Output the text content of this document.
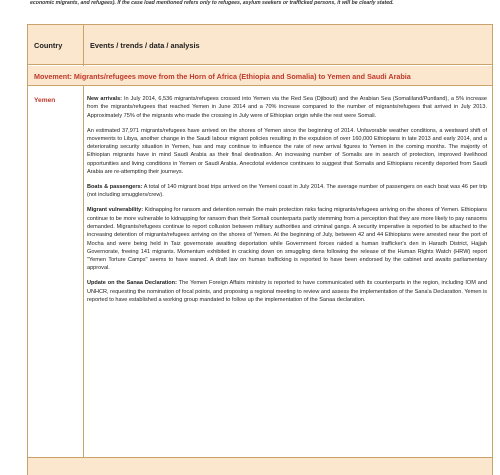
economic migrants, and refugees). If the case load mentioned refers only to refugees, asylum seekers or trafficked persons, it will be clearly stated.
Country	Events / trends / data / analysis
Movement: Migrants/refugees move from the Horn of Africa (Ethiopia and Somalia) to Yemen and Saudi Arabia
Yemen	New arrivals: In July 2014, 6,536 migrants/refugees crossed into Yemen via the Red Sea (Djibouti) and the Arabian Sea (Somaliland/Puntland), a 5% increase from the migrants/refugees that reached Yemen in June 2014 and a 70% increase compared to the number of migrants/refugees that arrived in July 2013. Approximately 75% of the migrants who made the crossing in July were of Ethiopian origin while the rest were Somali.

An estimated 37,971 migrants/refugees have arrived on the shores of Yemen since the beginning of 2014. Unfavorable weather conditions, a westward shift of movements to Libya, another change in the Saudi labour migrant policies resulting in the expulsion of over 160,000 Ethiopians in late 2013 and early 2014, and a deteriorating security situation in Yemen, has and may continue to influence the rate of new arrival figures to Yemen in the coming months. The majority of Ethiopian migrants have in mind Saudi Arabia as their final destination. An increasing number of Somalis are in search of protection, improved livelihood opportunities and living conditions in Yemen or Saudi Arabia. Anecdotal evidence continues to suggest that Somalis and Ethiopians recently deported from Saudi Arabia are re-attempting their journeys.

Boats & passengers: A total of 140 migrant boat trips arrived on the Yemeni coast in July 2014. The average number of passengers on each boat was 46 per trip (not including smugglers/crew).

Migrant vulnerability: Kidnapping for ransom and detention remain the main protection risks facing migrants/refugees arriving on the shores of Yemen. Ethiopians continue to be more vulnerable to kidnapping for ransom than their Somali counterparts partly stemming from a perception that they are more likely to pay ransoms demanded. Migrants/refugees continue to report collusion between military authorities and criminal gangs. A security imperative is reported to be attached to the increasing detention of migrants/refugees arriving on the shores of Yemen. At the beginning of July, between 42 and 44 Ethiopians were arrested near the port of Mocha and were being held in Taiz governorate awaiting deportation while Government forces raided a human trafficker's den in Haradh District, Hajjah Governorate, freeing 141 migrants. Momentum exhibited in cracking down on smuggling dens following the release of the Human Rights Watch (HRW) report "Yemen Torture Camps" seems to have waned. A draft law on human trafficking is reported to have been endorsed by the cabinet and awaits parliamentary approval.

Update on the Sanaa Declaration: The Yemen Foreign Affairs ministry is reported to have communicated with its counterparts in the region, including IOM and UNHCR, requesting the nomination of focal points, and proposing a regional meeting to review and assess the implementation of the Sana'a Declaration. Yemen is reported to have established a working group mandated to follow up the implementation of the Sanaa declaration.
